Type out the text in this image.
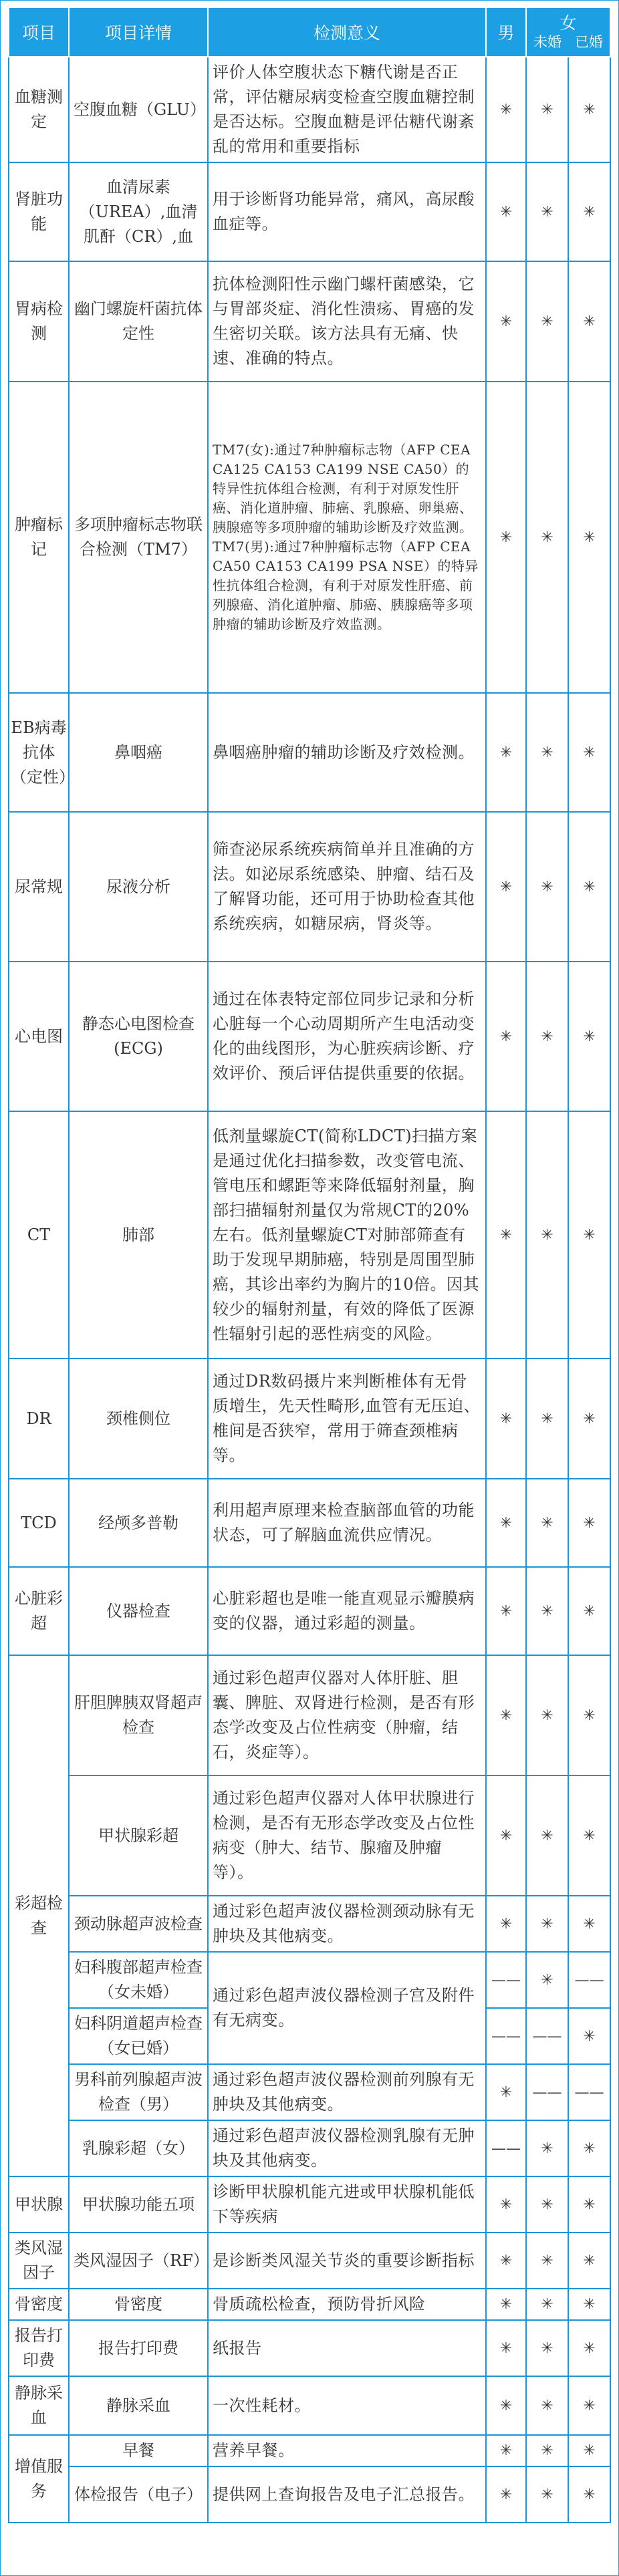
项目	项目详情	检测意义	男	女
未婚 已婚	

血糖测定	空腹血糖（GLU）	评价人体空腹状态下糖代谢是否正常，评估糖尿病变检查空腹血糖控制是否达标。空腹血糖是评估糖代谢紊乱的常用和重要指标	✳	✳	✳
肾脏功能	血清尿素（UREA）,血清肌酐（CR）,血	用于诊断肾功能异常，痛风，高尿酸血症等。	✳	✳	✳
胃病检测	幽门螺旋杆菌抗体定性	抗体检测阳性示幽门螺杆菌感染，它与胃部炎症、消化性溃疡、胃癌的发生密切关联。该方法具有无痛、快速、准确的特点。	✳	✳	✳
肿瘤标记	多项肿瘤标志物联合检测（TM7）	TM7(女):通过7种肿瘤标志物（AFP CEA CA125 CA153 CA199 NSE CA50）的特异性抗体组合检测，有利于对原发性肝癌、消化道肿瘤、肺癌、乳腺癌、卵巢癌、胰腺癌等多项肿瘤的辅助诊断及疗效监测。TM7(男):通过7种肿瘤标志物（AFP CEA CA50 CA153 CA199 PSA NSE）的特异性抗体组合检测，有利于对原发性肝癌、前列腺癌、消化道肿瘤、肺癌、胰腺癌等多项肿瘤的辅助诊断及疗效监测。	✳	✳	✳
EB病毒抗体（定性）	鼻咽癌	鼻咽癌肿瘤的辅助诊断及疗效检测。	✳	✳	✳
尿常规	尿液分析	筛查泌尿系统疾病简单并且准确的方法。如泌尿系统感染、肿瘤、结石及了解肾功能，还可用于协助检查其他系统疾病，如糖尿病，肾炎等。	✳	✳	✳
心电图	静态心电图检查(ECG)	通过在体表特定部位同步记录和分析心脏每一个心动周期所产生电活动变化的曲线图形，为心脏疾病诊断、疗效评价、预后评估提供重要的依据。	✳	✳	✳
CT	肺部	低剂量螺旋CT(简称LDCT)扫描方案是通过优化扫描参数，改变管电流、管电压和螺距等来降低辐射剂量，胸部扫描辐射剂量仅为常规CT的20%左右。低剂量螺旋CT对肺部筛查有助于发现早期肺癌，特别是周围型肺癌，其诊出率约为胸片的10倍。因其较少的辐射剂量，有效的降低了医源性辐射引起的恶性病变的风险。	✳	✳	✳
DR	颈椎侧位	通过DR数码摄片来判断椎体有无骨质增生，先天性畸形,血管有无压迫、椎间是否狭窄，常用于筛查颈椎病等。	✳	✳	✳
TCD	经颅多普勒	利用超声原理来检查脑部血管的功能状态，可了解脑血流供应情况。	✳	✳	✳
心脏彩超	仪器检查	心脏彩超也是唯一能直观显示瓣膜病变的仪器，通过彩超的测量。	✳	✳	✳
彩超检查	肝胆脾胰双肾超声检查	通过彩色超声仪器对人体肝脏、胆囊、脾脏、双肾进行检测，是否有形态学改变及占位性病变（肿瘤，结石，炎症等）。	✳	✳	✳
	甲状腺彩超	通过彩色超声仪器对人体甲状腺进行检测，是否有无形态学改变及占位性病变（肿大、结节、腺瘤及肿瘤等）。	✳	✳	✳
	颈动脉超声波检查	通过彩色超声波仪器检测颈动脉有无肿块及其他病变。	✳	✳	✳
	妇科腹部超声检查（女未婚）	通过彩色超声波仪器检测子宫及附件有无病变。	——	✳	——
	妇科阴道超声检查（女已婚）		——	——	✳
	男科前列腺超声波检查（男）	通过彩色超声波仪器检测前列腺有无肿块及其他病变。	✳	——	——
	乳腺彩超（女）	通过彩色超声波仪器检测乳腺有无肿块及其他病变。	——	✳	✳
甲状腺	甲状腺功能五项	诊断甲状腺机能亢进或甲状腺机能低下等疾病	✳	✳	✳
类风湿因子	类风湿因子（RF）	是诊断类风湿关节炎的重要诊断指标	✳	✳	✳
骨密度	骨密度	骨质疏松检查，预防骨折风险	✳	✳	✳
报告打印费	报告打印费	纸报告	✳	✳	✳
静脉采血	静脉采血	一次性耗材。	✳	✳	✳
增值服务	早餐	营养早餐。	✳	✳	✳
	体检报告（电子）	提供网上查询报告及电子汇总报告。	✳	✳	✳
